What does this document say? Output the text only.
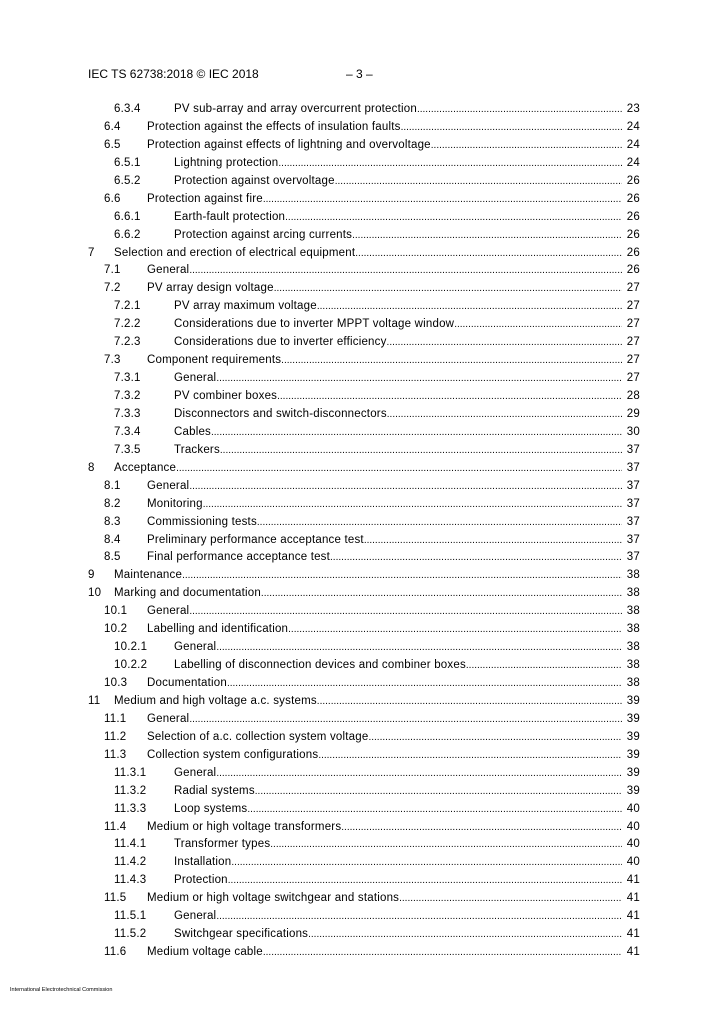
IEC TS 62738:2018 © IEC 2018	– 3 –
6.3.4	PV sub-array and array overcurrent protection .....	23
6.4 Protection against the effects of insulation faults .....	24
6.5 Protection against effects of lightning and overvoltage .....	24
6.5.1	Lightning protection .....	24
6.5.2	Protection against overvoltage .....	26
6.6 Protection against fire .....	26
6.6.1	Earth-fault protection .....	26
6.6.2	Protection against arcing currents .....	26
7 Selection and erection of electrical equipment .....	26
7.1 General .....	26
7.2 PV array design voltage .....	27
7.2.1	PV array maximum voltage .....	27
7.2.2	Considerations due to inverter MPPT voltage window .....	27
7.2.3	Considerations due to inverter efficiency .....	27
7.3 Component requirements .....	27
7.3.1	General .....	27
7.3.2	PV combiner boxes .....	28
7.3.3	Disconnectors and switch-disconnectors .....	29
7.3.4	Cables .....	30
7.3.5	Trackers .....	37
8 Acceptance .....	37
8.1 General .....	37
8.2 Monitoring .....	37
8.3 Commissioning tests .....	37
8.4 Preliminary performance acceptance test .....	37
8.5 Final performance acceptance test .....	37
9 Maintenance .....	38
10 Marking and documentation .....	38
10.1 General .....	38
10.2 Labelling and identification .....	38
10.2.1 General .....	38
10.2.2 Labelling of disconnection devices and combiner boxes .....	38
10.3 Documentation .....	38
11 Medium and high voltage a.c. systems .....	39
11.1 General .....	39
11.2 Selection of a.c. collection system voltage .....	39
11.3 Collection system configurations .....	39
11.3.1 General .....	39
11.3.2 Radial systems .....	39
11.3.3 Loop systems .....	40
11.4 Medium or high voltage transformers .....	40
11.4.1 Transformer types .....	40
11.4.2 Installation .....	40
11.4.3 Protection .....	41
11.5 Medium or high voltage switchgear and stations .....	41
11.5.1 General .....	41
11.5.2 Switchgear specifications .....	41
11.6 Medium voltage cable .....	41
International Electrotechnical Commission
